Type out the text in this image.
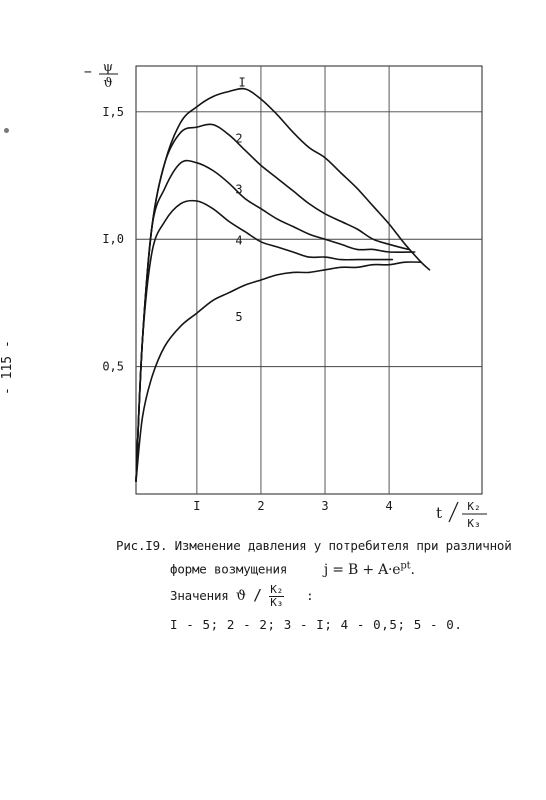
- 115 -
I	2	3	4
0,5
I,0
I,5
I
2
3
4
5
− ψ
ϑ
t K₂
K₃
Рис.I9. Изменение давления у потребителя при различной
форме возмущения	$j = B + A\cdot e^{pt}$.
Значения ϑ / $\frac{\text{K₂}}{\text{K₃}}$ :
I - 5; 2 - 2; 3 - I; 4 - 0,5; 5 - 0.
